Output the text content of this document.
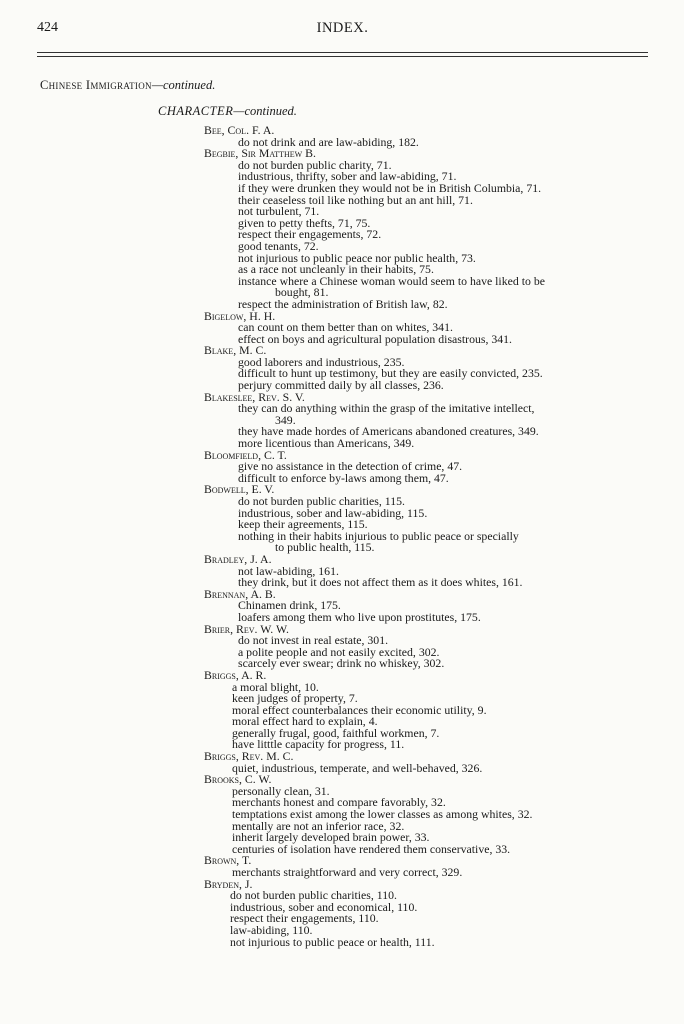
424	INDEX.
Chinese Immigration—continued.
CHARACTER—continued.
Bee, Col. F. A.
do not drink and are law-abiding, 182.
Begbie, Sir Matthew B.
do not burden public charity, 71.
industrious, thrifty, sober and law-abiding, 71.
if they were drunken they would not be in British Columbia, 71.
their ceaseless toil like nothing but an ant hill, 71.
not turbulent, 71.
given to petty thefts, 71, 75.
respect their engagements, 72.
good tenants, 72.
not injurious to public peace nor public health, 73.
as a race not uncleanly in their habits, 75.
instance where a Chinese woman would seem to have liked to be
bought, 81.
respect the administration of British law, 82.
Bigelow, H. H.
can count on them better than on whites, 341.
effect on boys and agricultural population disastrous, 341.
Blake, M. C.
good laborers and industrious, 235.
difficult to hunt up testimony, but they are easily convicted, 235.
perjury committed daily by all classes, 236.
Blakeslee, Rev. S. V.
they can do anything within the grasp of the imitative intellect,
349.
they have made hordes of Americans abandoned creatures, 349.
more licentious than Americans, 349.
Bloomfield, C. T.
give no assistance in the detection of crime, 47.
difficult to enforce by-laws among them, 47.
Bodwell, E. V.
do not burden public charities, 115.
industrious, sober and law-abiding, 115.
keep their agreements, 115.
nothing in their habits injurious to public peace or specially
to public health, 115.
Bradley, J. A.
not law-abiding, 161.
they drink, but it does not affect them as it does whites, 161.
Brennan, A. B.
Chinamen drink, 175.
loafers among them who live upon prostitutes, 175.
Brier, Rev. W. W.
do not invest in real estate, 301.
a polite people and not easily excited, 302.
scarcely ever swear; drink no whiskey, 302.
Briggs, A. R.
a moral blight, 10.
keen judges of property, 7.
moral effect counterbalances their economic utility, 9.
moral effect hard to explain, 4.
generally frugal, good, faithful workmen, 7.
have litttle capacity for progress, 11.
Briggs, Rev. M. C.
quiet, industrious, temperate, and well-behaved, 326.
Brooks, C. W.
personally clean, 31.
merchants honest and compare favorably, 32.
temptations exist among the lower classes as among whites, 32.
mentally are not an inferior race, 32.
inherit largely developed brain power, 33.
centuries of isolation have rendered them conservative, 33.
Brown, T.
merchants straightforward and very correct, 329.
Bryden, J.
do not burden public charities, 110.
industrious, sober and economical, 110.
respect their engagements, 110.
law-abiding, 110.
not injurious to public peace or health, 111.
